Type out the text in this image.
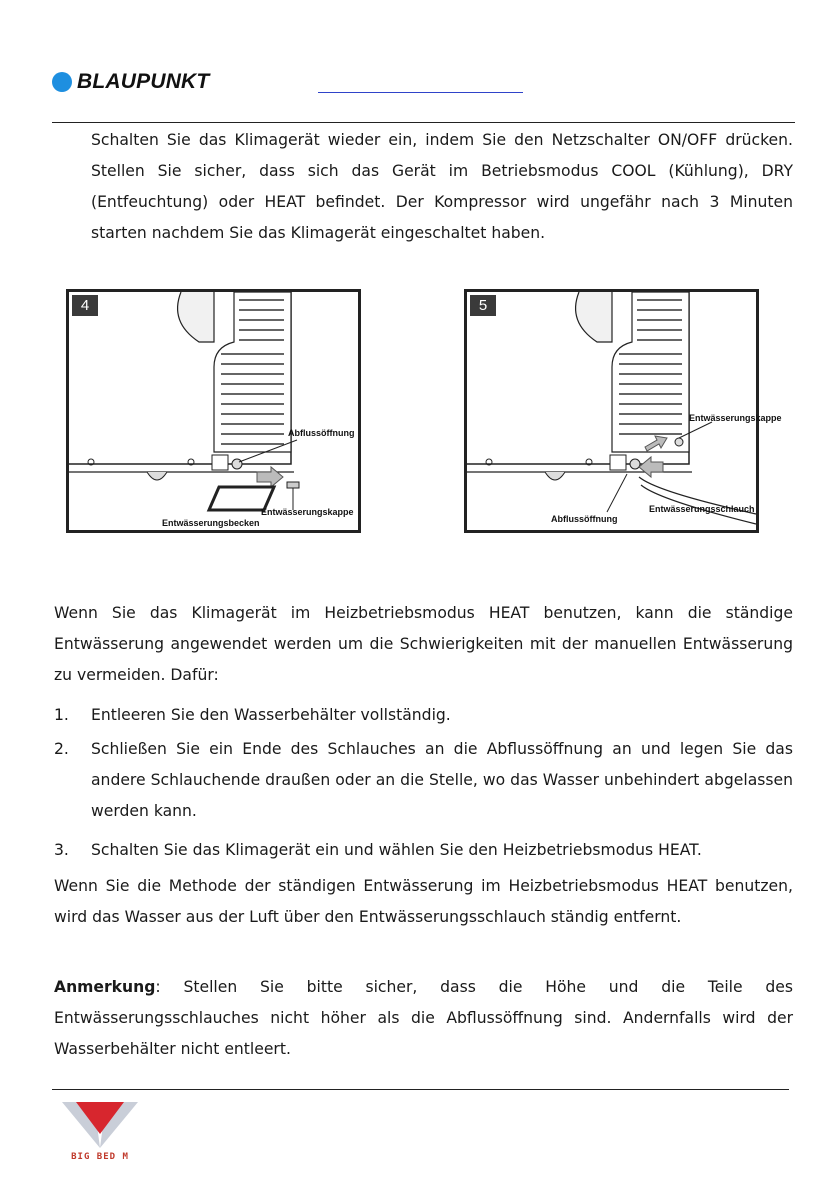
BLAUPUNKT
Schalten Sie das Klimagerät wieder ein, indem Sie den Netzschalter ON/OFF drücken. Stellen Sie sicher, dass sich das Gerät im Betriebsmodus COOL (Kühlung), DRY (Entfeuchtung) oder HEAT befindet. Der Kompressor wird ungefähr nach 3 Minuten starten nachdem Sie das Klimagerät eingeschaltet haben.
4
Abflussöffnung
Entwässerungskappe
Entwässerungsbecken
5
Entwässerungskappe
Entwässerungsschlauch
Abflussöffnung
Wenn Sie das Klimagerät im Heizbetriebsmodus HEAT benutzen, kann die ständige Entwässerung angewendet werden um die Schwierigkeiten mit der manuellen Entwässerung zu vermeiden. Dafür:
1. Entleeren Sie den Wasserbehälter vollständig.
2. Schließen Sie ein Ende des Schlauches an die Abflussöffnung an und legen Sie das andere Schlauchende draußen oder an die Stelle, wo das Wasser unbehindert abgelassen werden kann.
3. Schalten Sie das Klimagerät ein und wählen Sie den Heizbetriebsmodus HEAT.
Wenn Sie die Methode der ständigen Entwässerung im Heizbetriebsmodus HEAT benutzen, wird das Wasser aus der Luft über den Entwässerungsschlauch ständig entfernt.
Anmerkung: Stellen Sie bitte sicher, dass die Höhe und die Teile des Entwässerungsschlauches nicht höher als die Abflussöffnung sind. Andernfalls wird der Wasserbehälter nicht entleert.
BIG BED M
